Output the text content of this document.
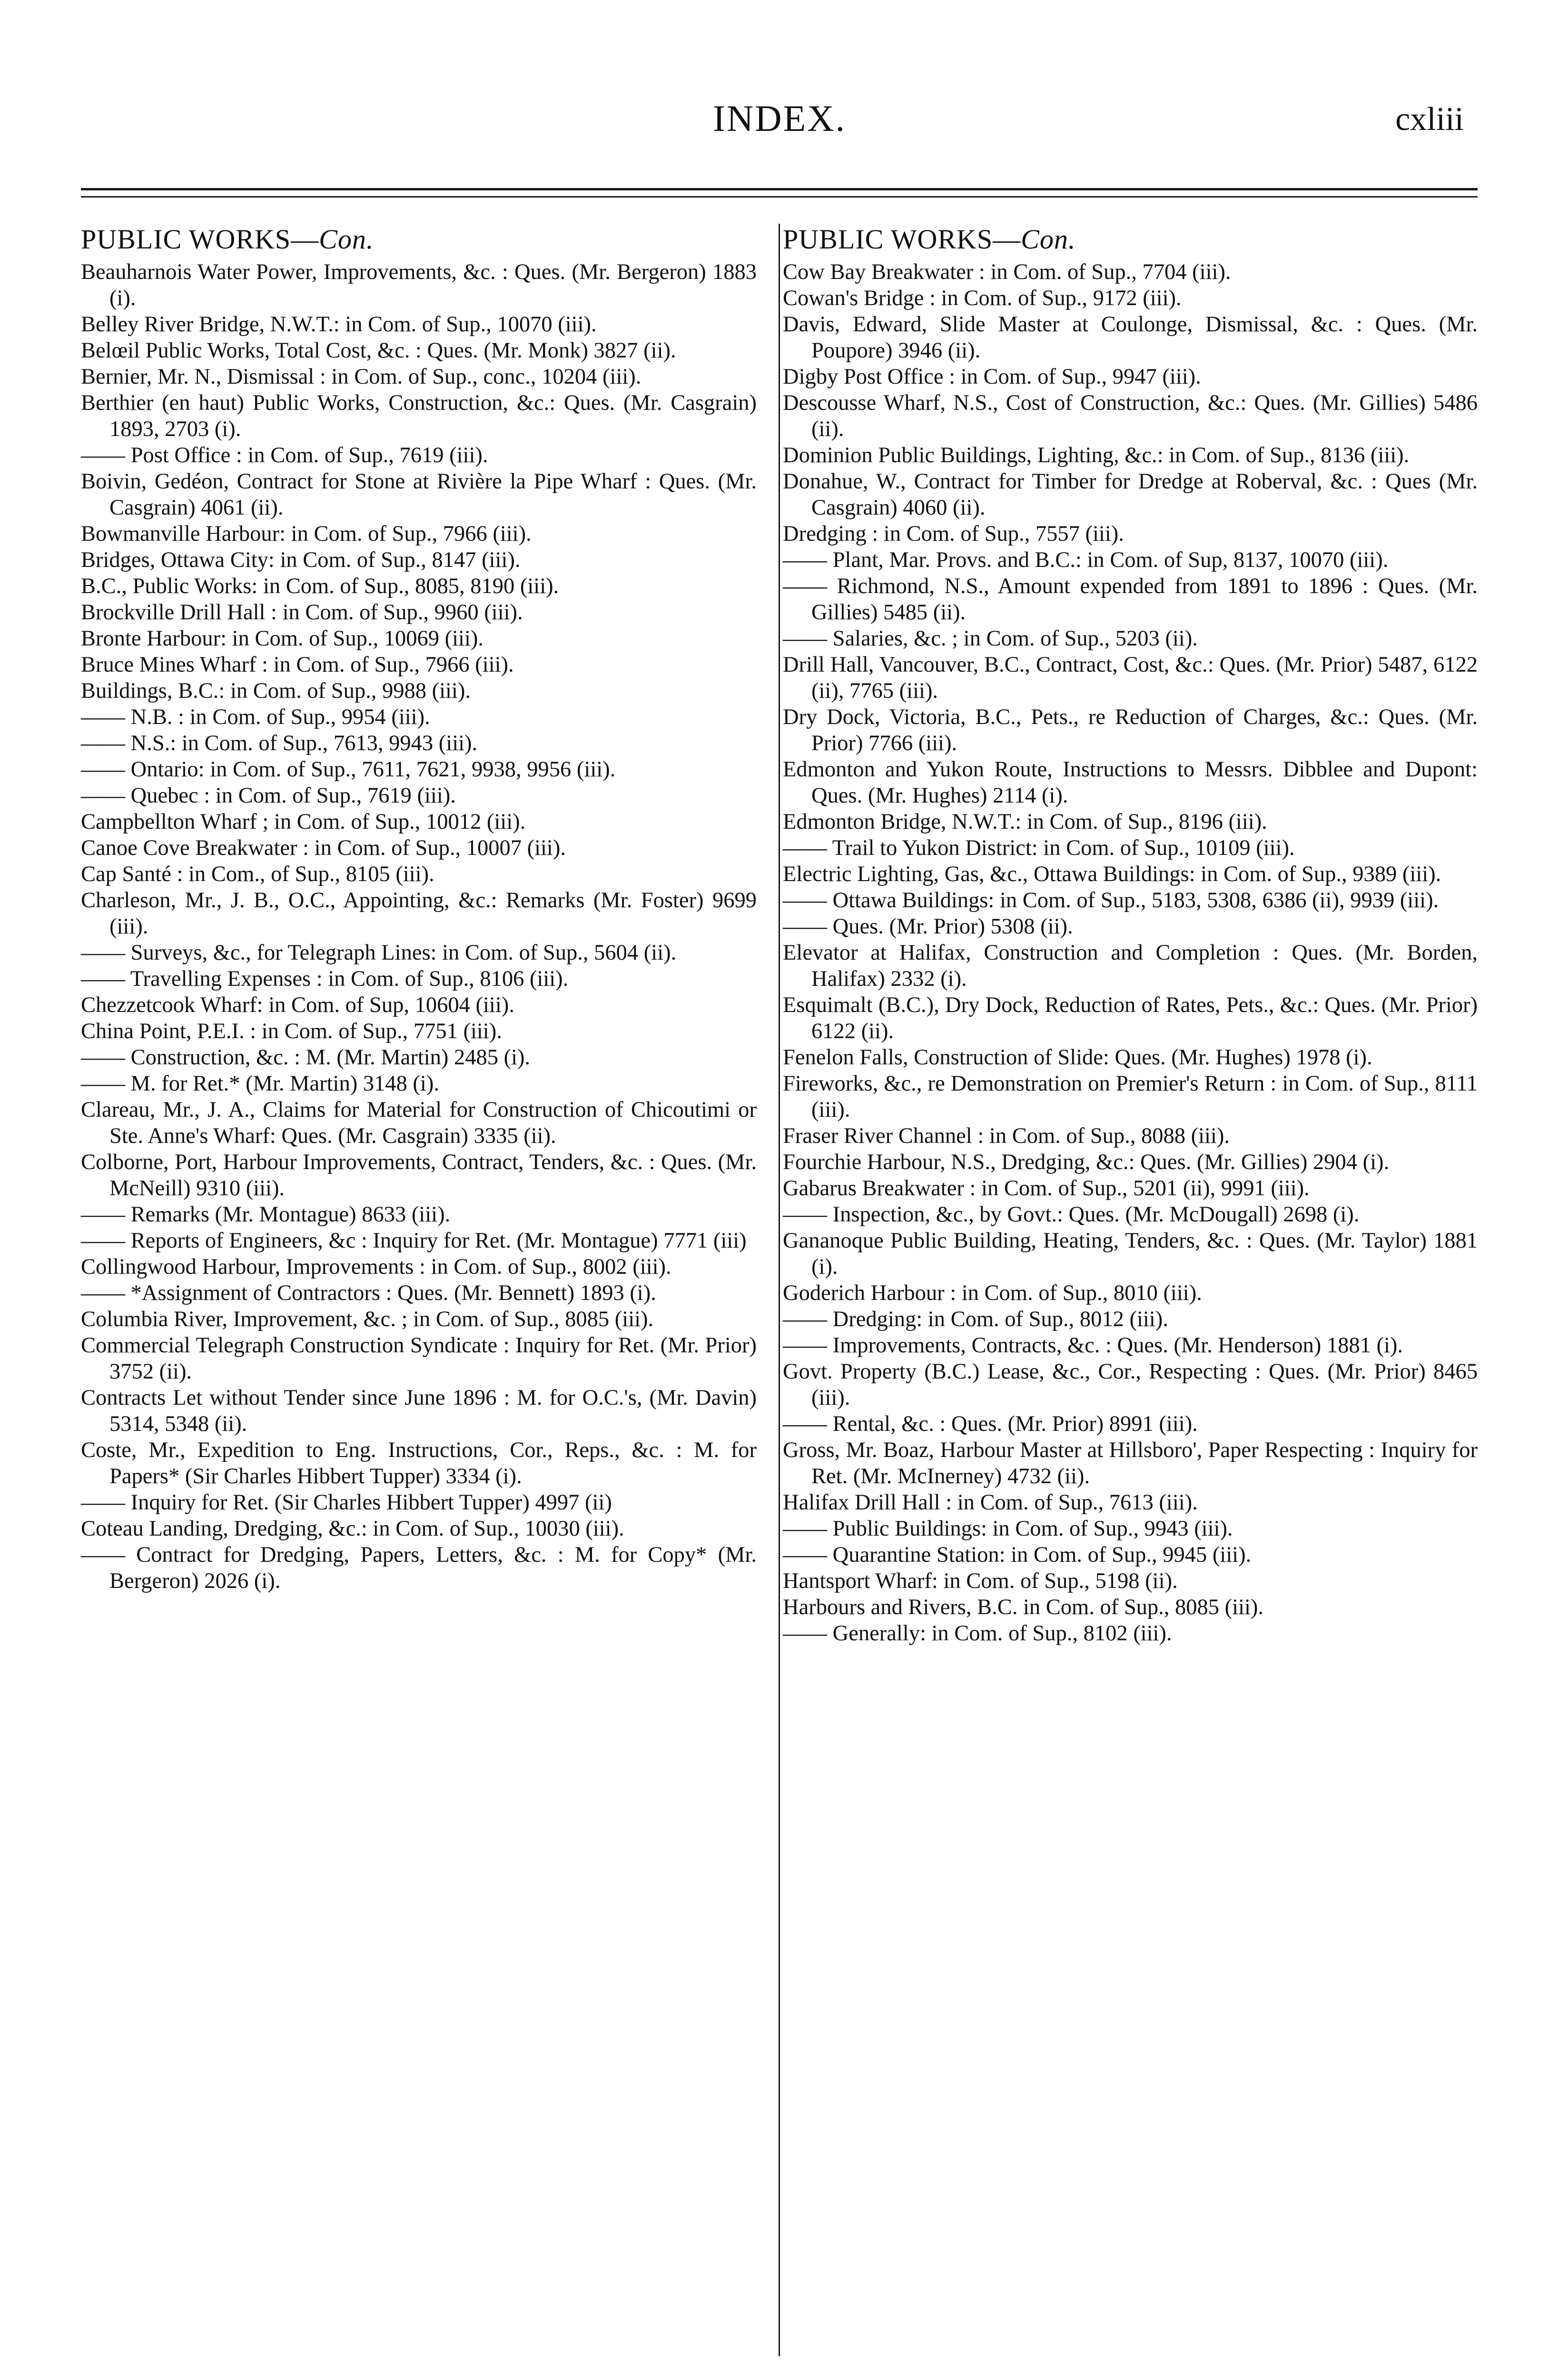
INDEX.	cxliii
PUBLIC WORKS—Con.

Beauharnois Water Power, Improvements, &c. : Ques. (Mr. Bergeron) 1883 (i).

Belley River Bridge, N.W.T.: in Com. of Sup., 10070 (iii).

Belœil Public Works, Total Cost, &c. : Ques. (Mr. Monk) 3827 (ii).

Bernier, Mr. N., Dismissal : in Com. of Sup., conc., 10204 (iii).

Berthier (en haut) Public Works, Construction, &c.: Ques. (Mr. Casgrain) 1893, 2703 (i).

—— Post Office : in Com. of Sup., 7619 (iii).

Boivin, Gedéon, Contract for Stone at Rivière la Pipe Wharf : Ques. (Mr. Casgrain) 4061 (ii).

Bowmanville Harbour: in Com. of Sup., 7966 (iii).

Bridges, Ottawa City: in Com. of Sup., 8147 (iii).

B.C., Public Works: in Com. of Sup., 8085, 8190 (iii).

Brockville Drill Hall : in Com. of Sup., 9960 (iii).

Bronte Harbour: in Com. of Sup., 10069 (iii).

Bruce Mines Wharf : in Com. of Sup., 7966 (iii).

Buildings, B.C.: in Com. of Sup., 9988 (iii).

—— N.B. : in Com. of Sup., 9954 (iii).

—— N.S.: in Com. of Sup., 7613, 9943 (iii).

—— Ontario: in Com. of Sup., 7611, 7621, 9938, 9956 (iii).

—— Quebec : in Com. of Sup., 7619 (iii).

Campbellton Wharf ; in Com. of Sup., 10012 (iii).

Canoe Cove Breakwater : in Com. of Sup., 10007 (iii).

Cap Santé : in Com., of Sup., 8105 (iii).

Charleson, Mr., J. B., O.C., Appointing, &c.: Remarks (Mr. Foster) 9699 (iii).

—— Surveys, &c., for Telegraph Lines: in Com. of Sup., 5604 (ii).

—— Travelling Expenses : in Com. of Sup., 8106 (iii).

Chezzetcook Wharf: in Com. of Sup, 10604 (iii).

China Point, P.E.I. : in Com. of Sup., 7751 (iii).

—— Construction, &c. : M. (Mr. Martin) 2485 (i).

—— M. for Ret.* (Mr. Martin) 3148 (i).

Clareau, Mr., J. A., Claims for Material for Construction of Chicoutimi or Ste. Anne's Wharf: Ques. (Mr. Casgrain) 3335 (ii).

Colborne, Port, Harbour Improvements, Contract, Tenders, &c. : Ques. (Mr. McNeill) 9310 (iii).

—— Remarks (Mr. Montague) 8633 (iii).

—— Reports of Engineers, &c : Inquiry for Ret. (Mr. Montague) 7771 (iii)

Collingwood Harbour, Improvements : in Com. of Sup., 8002 (iii).

—— *Assignment of Contractors : Ques. (Mr. Bennett) 1893 (i).

Columbia River, Improvement, &c. ; in Com. of Sup., 8085 (iii).

Commercial Telegraph Construction Syndicate : Inquiry for Ret. (Mr. Prior) 3752 (ii).

Contracts Let without Tender since June 1896 : M. for O.C.'s, (Mr. Davin) 5314, 5348 (ii).

Coste, Mr., Expedition to Eng. Instructions, Cor., Reps., &c. : M. for Papers* (Sir Charles Hibbert Tupper) 3334 (i).

—— Inquiry for Ret. (Sir Charles Hibbert Tupper) 4997 (ii)

Coteau Landing, Dredging, &c.: in Com. of Sup., 10030 (iii).

—— Contract for Dredging, Papers, Letters, &c. : M. for Copy* (Mr. Bergeron) 2026 (i).

PUBLIC WORKS—Con.

Cow Bay Breakwater : in Com. of Sup., 7704 (iii).

Cowan's Bridge : in Com. of Sup., 9172 (iii).

Davis, Edward, Slide Master at Coulonge, Dismissal, &c. : Ques. (Mr. Poupore) 3946 (ii).

Digby Post Office : in Com. of Sup., 9947 (iii).

Descousse Wharf, N.S., Cost of Construction, &c.: Ques. (Mr. Gillies) 5486 (ii).

Dominion Public Buildings, Lighting, &c.: in Com. of Sup., 8136 (iii).

Donahue, W., Contract for Timber for Dredge at Roberval, &c. : Ques (Mr. Casgrain) 4060 (ii).

Dredging : in Com. of Sup., 7557 (iii).

—— Plant, Mar. Provs. and B.C.: in Com. of Sup, 8137, 10070 (iii).

—— Richmond, N.S., Amount expended from 1891 to 1896 : Ques. (Mr. Gillies) 5485 (ii).

—— Salaries, &c. ; in Com. of Sup., 5203 (ii).

Drill Hall, Vancouver, B.C., Contract, Cost, &c.: Ques. (Mr. Prior) 5487, 6122 (ii), 7765 (iii).

Dry Dock, Victoria, B.C., Pets., re Reduction of Charges, &c.: Ques. (Mr. Prior) 7766 (iii).

Edmonton and Yukon Route, Instructions to Messrs. Dibblee and Dupont: Ques. (Mr. Hughes) 2114 (i).

Edmonton Bridge, N.W.T.: in Com. of Sup., 8196 (iii).

—— Trail to Yukon District: in Com. of Sup., 10109 (iii).

Electric Lighting, Gas, &c., Ottawa Buildings: in Com. of Sup., 9389 (iii).

—— Ottawa Buildings: in Com. of Sup., 5183, 5308, 6386 (ii), 9939 (iii).

—— Ques. (Mr. Prior) 5308 (ii).

Elevator at Halifax, Construction and Completion : Ques. (Mr. Borden, Halifax) 2332 (i).

Esquimalt (B.C.), Dry Dock, Reduction of Rates, Pets., &c.: Ques. (Mr. Prior) 6122 (ii).

Fenelon Falls, Construction of Slide: Ques. (Mr. Hughes) 1978 (i).

Fireworks, &c., re Demonstration on Premier's Return : in Com. of Sup., 8111 (iii).

Fraser River Channel : in Com. of Sup., 8088 (iii).

Fourchie Harbour, N.S., Dredging, &c.: Ques. (Mr. Gillies) 2904 (i).

Gabarus Breakwater : in Com. of Sup., 5201 (ii), 9991 (iii).

—— Inspection, &c., by Govt.: Ques. (Mr. McDougall) 2698 (i).

Gananoque Public Building, Heating, Tenders, &c. : Ques. (Mr. Taylor) 1881 (i).

Goderich Harbour : in Com. of Sup., 8010 (iii).

—— Dredging: in Com. of Sup., 8012 (iii).

—— Improvements, Contracts, &c. : Ques. (Mr. Henderson) 1881 (i).

Govt. Property (B.C.) Lease, &c., Cor., Respecting : Ques. (Mr. Prior) 8465 (iii).

—— Rental, &c. : Ques. (Mr. Prior) 8991 (iii).

Gross, Mr. Boaz, Harbour Master at Hillsboro', Paper Respecting : Inquiry for Ret. (Mr. McInerney) 4732 (ii).

Halifax Drill Hall : in Com. of Sup., 7613 (iii).

—— Public Buildings: in Com. of Sup., 9943 (iii).

—— Quarantine Station: in Com. of Sup., 9945 (iii).

Hantsport Wharf: in Com. of Sup., 5198 (ii).

Harbours and Rivers, B.C. in Com. of Sup., 8085 (iii).

—— Generally: in Com. of Sup., 8102 (iii).
